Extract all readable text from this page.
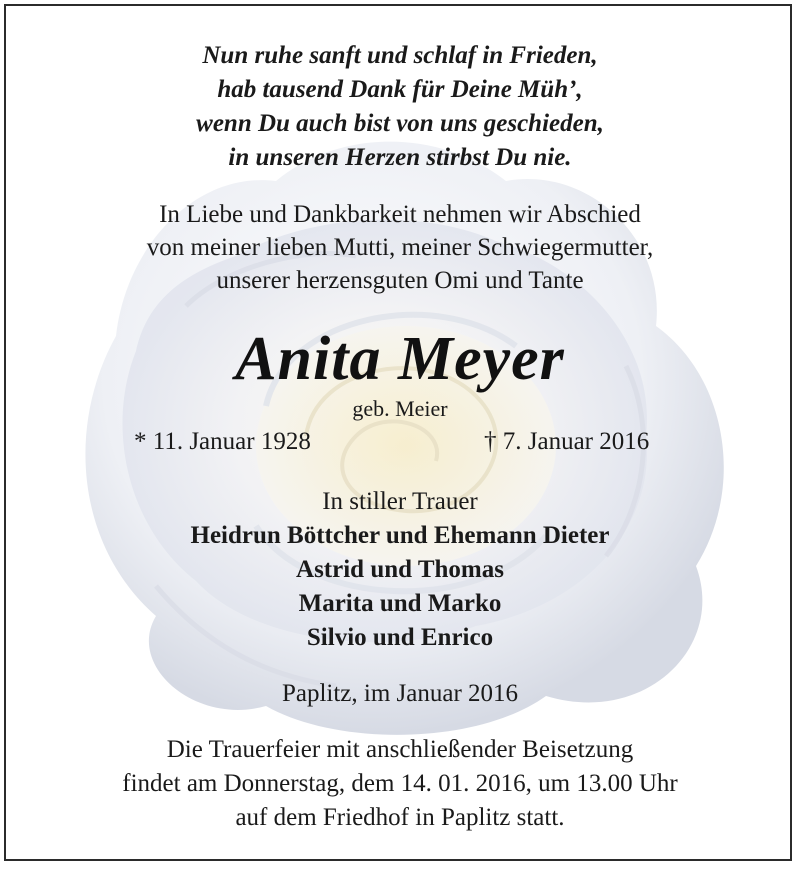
Nun ruhe sanft und schlaf in Frieden,
hab tausend Dank für Deine Müh’,
wenn Du auch bist von uns geschieden,
in unseren Herzen stirbst Du nie.
In Liebe und Dankbarkeit nehmen wir Abschied
von meiner lieben Mutti, meiner Schwiegermutter,
unserer herzensguten Omi und Tante
Anita Meyer
geb. Meier
* 11. Januar 1928	† 7. Januar 2016
In stiller Trauer
Heidrun Böttcher und Ehemann Dieter
Astrid und Thomas
Marita und Marko
Silvio und Enrico
Paplitz, im Januar 2016
Die Trauerfeier mit anschließender Beisetzung
findet am Donnerstag, dem 14. 01. 2016, um 13.00 Uhr
auf dem Friedhof in Paplitz statt.
